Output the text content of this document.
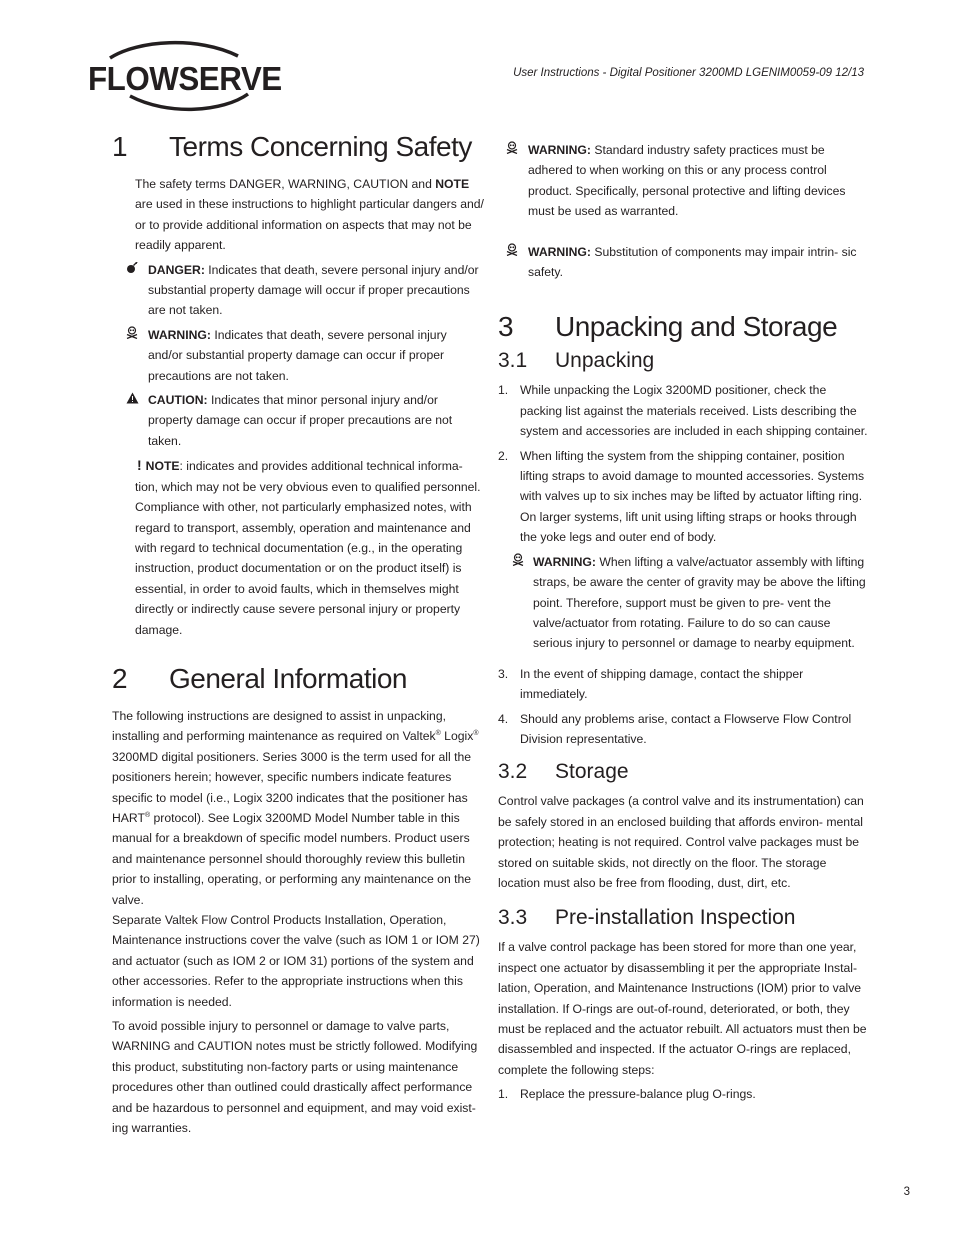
FLOWSERVE	User Instructions - Digital Positioner 3200MD LGENIM0059-09 12/13
1	Terms Concerning Safety

The safety terms DANGER, WARNING, CAUTION and NOTE are used in these instructions to highlight particular dangers and/ or to provide additional information on aspects that may not be readily apparent.

DANGER: Indicates that death, severe personal injury and/or substantial property damage will occur if proper precautions are not taken.

WARNING: Indicates that death, severe personal injury and/or substantial property damage can occur if proper precautions are not taken.

CAUTION: Indicates that minor personal injury and/or property damage can occur if proper precautions are not taken.

! NOTE: indicates and provides additional technical informa- tion, which may not be very obvious even to qualified personnel. Compliance with other, not particularly emphasized notes, with regard to transport, assembly, operation and maintenance and with regard to technical documentation (e.g., in the operating instruction, product documentation or on the product itself) is essential, in order to avoid faults, which in themselves might directly or indirectly cause severe personal injury or property damage.
2	General Information

The following instructions are designed to assist in unpacking, installing and performing maintenance as required on Valtek® Logix® 3200MD digital positioners. Series 3000 is the term used for all the positioners herein; however, specific numbers indicate features specific to model (i.e., Logix 3200 indicates that the positioner has HART® protocol). See Logix 3200MD Model Number table in this manual for a breakdown of specific model numbers. Product users and maintenance personnel should thoroughly review this bulletin prior to installing, operating, or performing any maintenance on the valve.

Separate Valtek Flow Control Products Installation, Operation, Maintenance instructions cover the valve (such as IOM 1 or IOM 27) and actuator (such as IOM 2 or IOM 31) portions of the system and other accessories. Refer to the appropriate instructions when this information is needed.

To avoid possible injury to personnel or damage to valve parts, WARNING and CAUTION notes must be strictly followed. Modifying this product, substituting non-factory parts or using maintenance procedures other than outlined could drastically affect performance and be hazardous to personnel and equipment, and may void exist- ing warranties.

WARNING: Standard industry safety practices must be adhered to when working on this or any process control product. Specifically, personal protective and lifting devices must be used as warranted.

WARNING: Substitution of components may impair intrin- sic safety.

3	Unpacking and Storage
3.1	Unpacking
1. While unpacking the Logix 3200MD positioner, check the packing list against the materials received. Lists describing the system and accessories are included in each shipping container.
2. When lifting the system from the shipping container, position lifting straps to avoid damage to mounted accessories. Systems with valves up to six inches may be lifted by actuator lifting ring. On larger systems, lift unit using lifting straps or hooks through the yoke legs and outer end of body.

WARNING: When lifting a valve/actuator assembly with lifting straps, be aware the center of gravity may be above the lifting point. Therefore, support must be given to pre- vent the valve/actuator from rotating. Failure to do so can cause serious injury to personnel or damage to nearby equipment.

3. In the event of shipping damage, contact the shipper immediately.
4. Should any problems arise, contact a Flowserve Flow Control Division representative.
3.2	Storage

Control valve packages (a control valve and its instrumentation) can be safely stored in an enclosed building that affords environ- mental protection; heating is not required. Control valve packages must be stored on suitable skids, not directly on the floor. The storage location must also be free from flooding, dust, dirt, etc.

3.3	Pre-installation Inspection

If a valve control package has been stored for more than one year, inspect one actuator by disassembling it per the appropriate Instal- lation, Operation, and Maintenance Instructions (IOM) prior to valve installation. If O-rings are out-of-round, deteriorated, or both, they must be replaced and the actuator rebuilt. All actuators must then be disassembled and inspected. If the actuator O-rings are replaced, complete the following steps:

1. Replace the pressure-balance plug O-rings.
3
